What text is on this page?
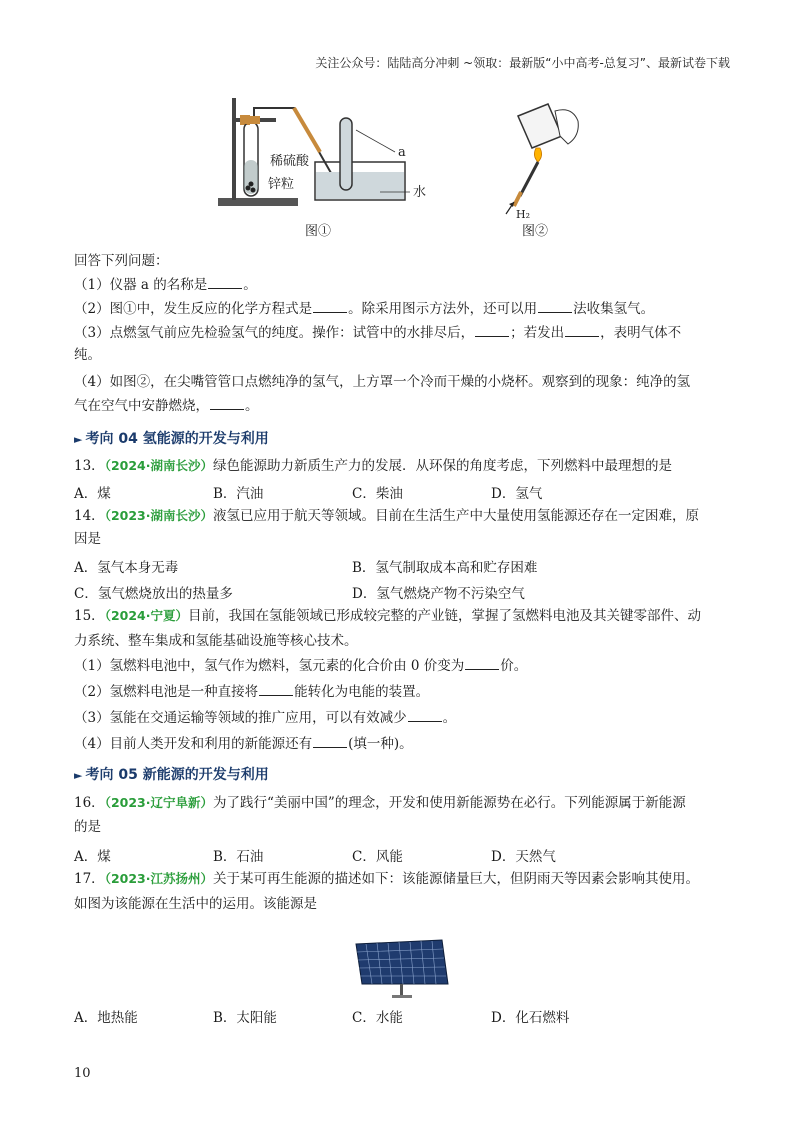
关注公众号：陆陆高分冲刺 ~领取：最新版“小中高考-总复习”、最新试卷下载
稀硫酸
锌粒
a
水
图①
H₂
图②
回答下列问题：
（1）仪器 a 的名称是	。
（2）图①中，发生反应的化学方程式是	。除采用图示方法外，还可以用	法收集氢气。
（3）点燃氢气前应先检验氢气的纯度。操作：试管中的水排尽后，	；若发出	，表明气体不
纯。
（4）如图②，在尖嘴管管口点燃纯净的氢气，上方罩一个冷而干燥的小烧杯。观察到的现象：纯净的氢
气在空气中安静燃烧，	。
► 考向 04 氢能源的开发与利用
13．（2024·湖南长沙）绿色能源助力新质生产力的发展．从环保的角度考虑，下列燃料中最理想的是
A．煤	B．汽油	C．柴油	D．氢气
14．（2023·湖南长沙）液氢已应用于航天等领域。目前在生活生产中大量使用氢能源还存在一定困难，原
因是
A．氢气本身无毒	B．氢气制取成本高和贮存困难
C．氢气燃烧放出的热量多	D．氢气燃烧产物不污染空气
15．（2024·宁夏）目前，我国在氢能领域已形成较完整的产业链，掌握了氢燃料电池及其关键零部件、动
力系统、整车集成和氢能基础设施等核心技术。
（1）氢燃料电池中，氢气作为燃料，氢元素的化合价由 0 价变为	价。
（2）氢燃料电池是一种直接将	能转化为电能的装置。
（3）氢能在交通运输等领域的推广应用，可以有效减少	。
（4）目前人类开发和利用的新能源还有	(填一种)。
► 考向 05 新能源的开发与利用
16．（2023·辽宁阜新）为了践行“美丽中国”的理念，开发和使用新能源势在必行。下列能源属于新能源
的是
A．煤	B．石油	C．风能	D．天然气
17．（2023·江苏扬州）关于某可再生能源的描述如下：该能源储量巨大，但阴雨天等因素会影响其使用。
如图为该能源在生活中的运用。该能源是
A．地热能	B．太阳能	C．水能	D．化石燃料
10
